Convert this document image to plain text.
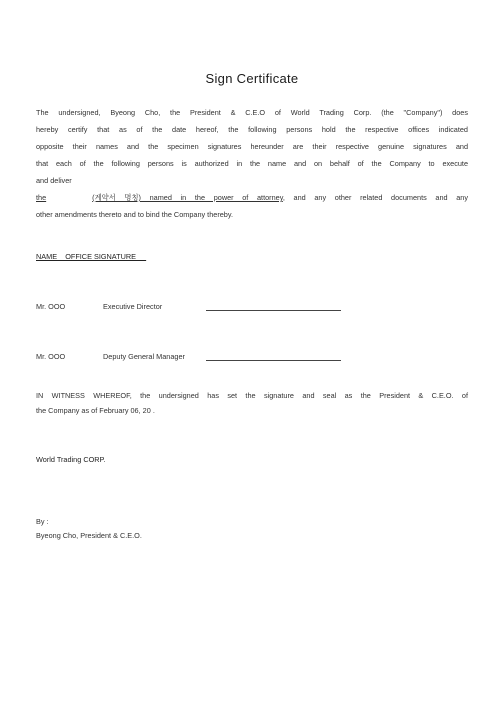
Sign Certificate
The undersigned, Byeong Cho, the President & C.E.O of World Trading Corp. (the "Company") does
hereby certify that as of the date hereof, the following persons hold the respective offices indicated
opposite their names and the specimen signatures hereunder are their respective genuine signatures and
that each of the following persons is authorized in the name and on behalf of the Company to execute
and deliver
the	(계약서 명칭) named in the power of attorney, and any other related documents and any
other amendments thereto and to bind the Company thereby.
NAME    OFFICE SIGNATURE
Mr. OOO	Executive Director
Mr. OOO	Deputy General Manager
IN WITNESS WHEREOF, the undersigned has set the signature and seal as the President & C.E.O. of
the Company as of February 06, 20 .
World Trading CORP.
By :
Byeong Cho, President & C.E.O.
